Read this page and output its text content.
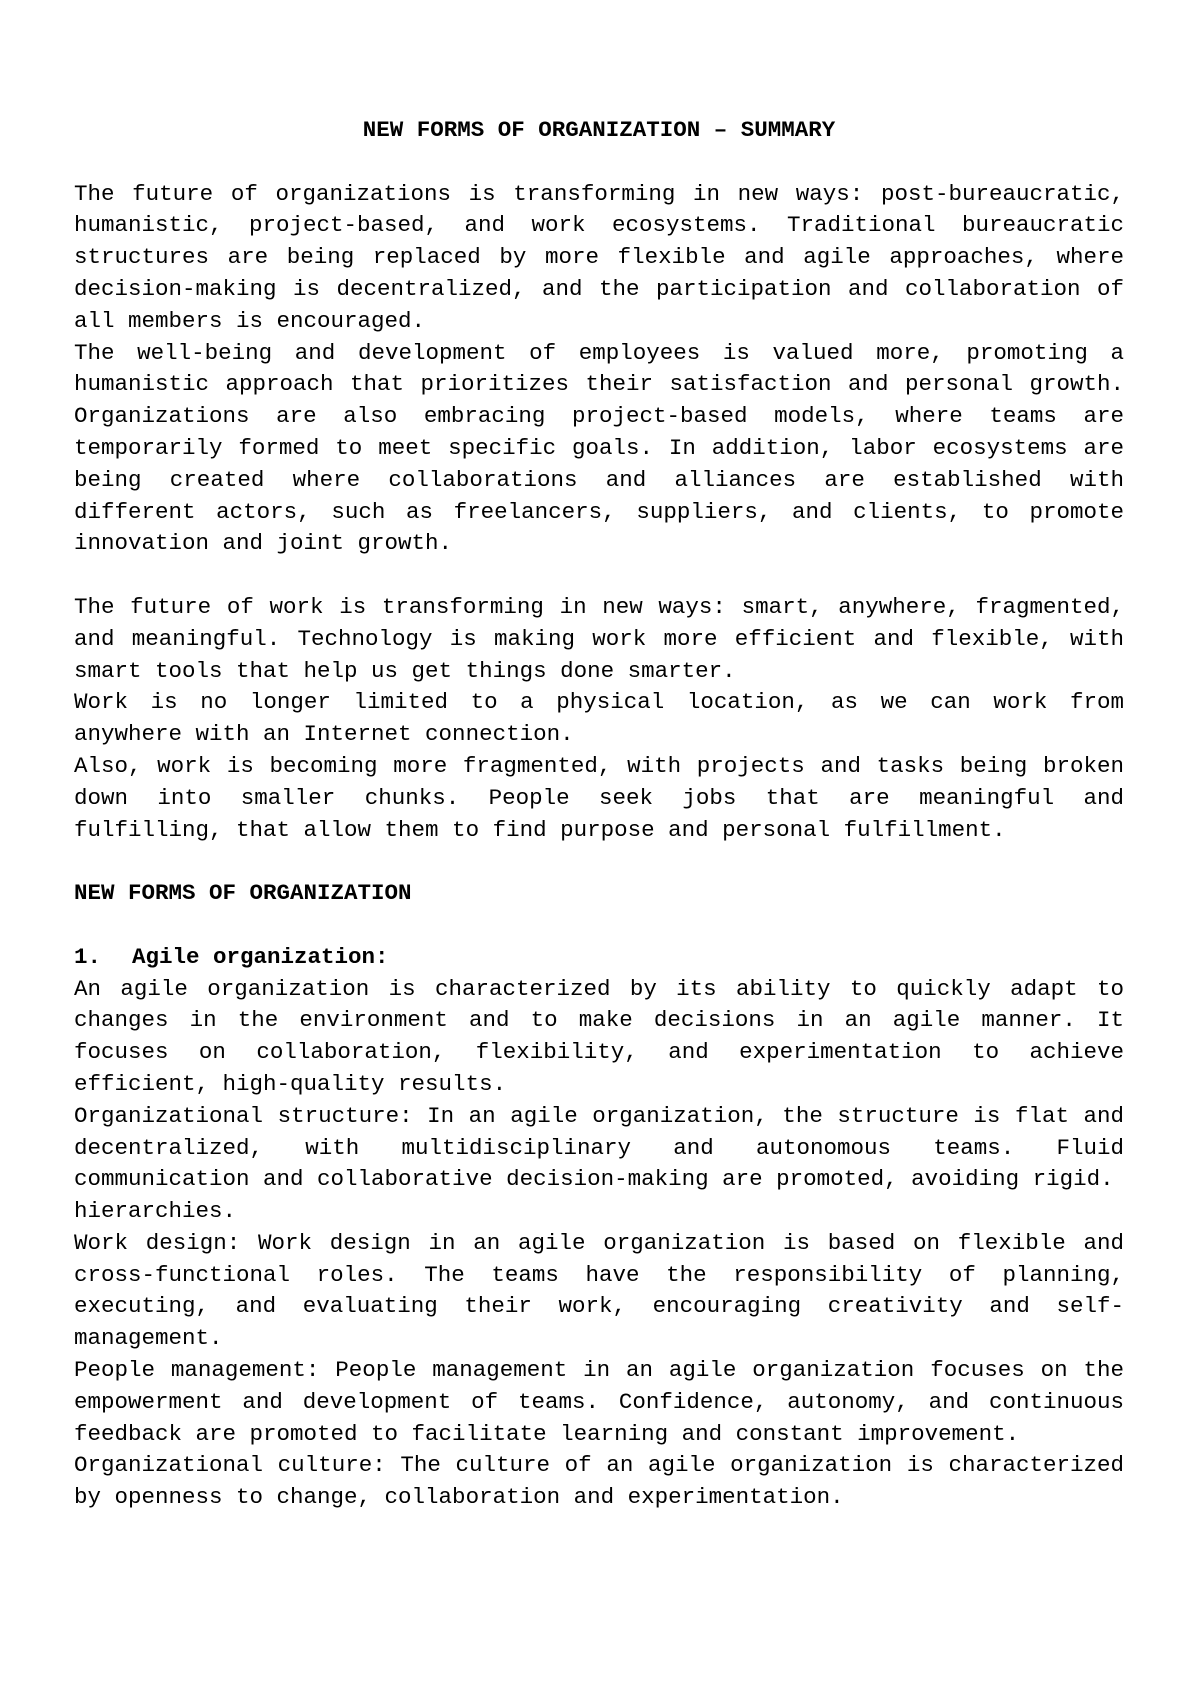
NEW FORMS OF ORGANIZATION – SUMMARY

The future of organizations is transforming in new ways: post-bureaucratic, humanistic, project-based, and work ecosystems. Traditional bureaucratic structures are being replaced by more flexible and agile approaches, where decision-making is decentralized, and the participation and collaboration of all members is encouraged.

The well-being and development of employees is valued more, promoting a humanistic approach that prioritizes their satisfaction and personal growth. Organizations are also embracing project-based models, where teams are temporarily formed to meet specific goals. In addition, labor ecosystems are being created where collaborations and alliances are established with different actors, such as freelancers, suppliers, and clients, to promote innovation and joint growth.

The future of work is transforming in new ways: smart, anywhere, fragmented, and meaningful. Technology is making work more efficient and flexible, with smart tools that help us get things done smarter.

Work is no longer limited to a physical location, as we can work from anywhere with an Internet connection.

Also, work is becoming more fragmented, with projects and tasks being broken down into smaller chunks. People seek jobs that are meaningful and fulfilling, that allow them to find purpose and personal fulfillment.

NEW FORMS OF ORGANIZATION

1. Agile organization:

An agile organization is characterized by its ability to quickly adapt to changes in the environment and to make decisions in an agile manner. It focuses on collaboration, flexibility, and experimentation to achieve efficient, high-quality results.

Organizational structure: In an agile organization, the structure is flat and decentralized, with multidisciplinary and autonomous teams. Fluid communication and collaborative decision-making are promoted, avoiding rigid.

hierarchies.

Work design: Work design in an agile organization is based on flexible and cross-functional roles. The teams have the responsibility of planning, executing, and evaluating their work, encouraging creativity and self-management.

People management: People management in an agile organization focuses on the empowerment and development of teams. Confidence, autonomy, and continuous feedback are promoted to facilitate learning and constant improvement.

Organizational culture: The culture of an agile organization is characterized by openness to change, collaboration and experimentation.
